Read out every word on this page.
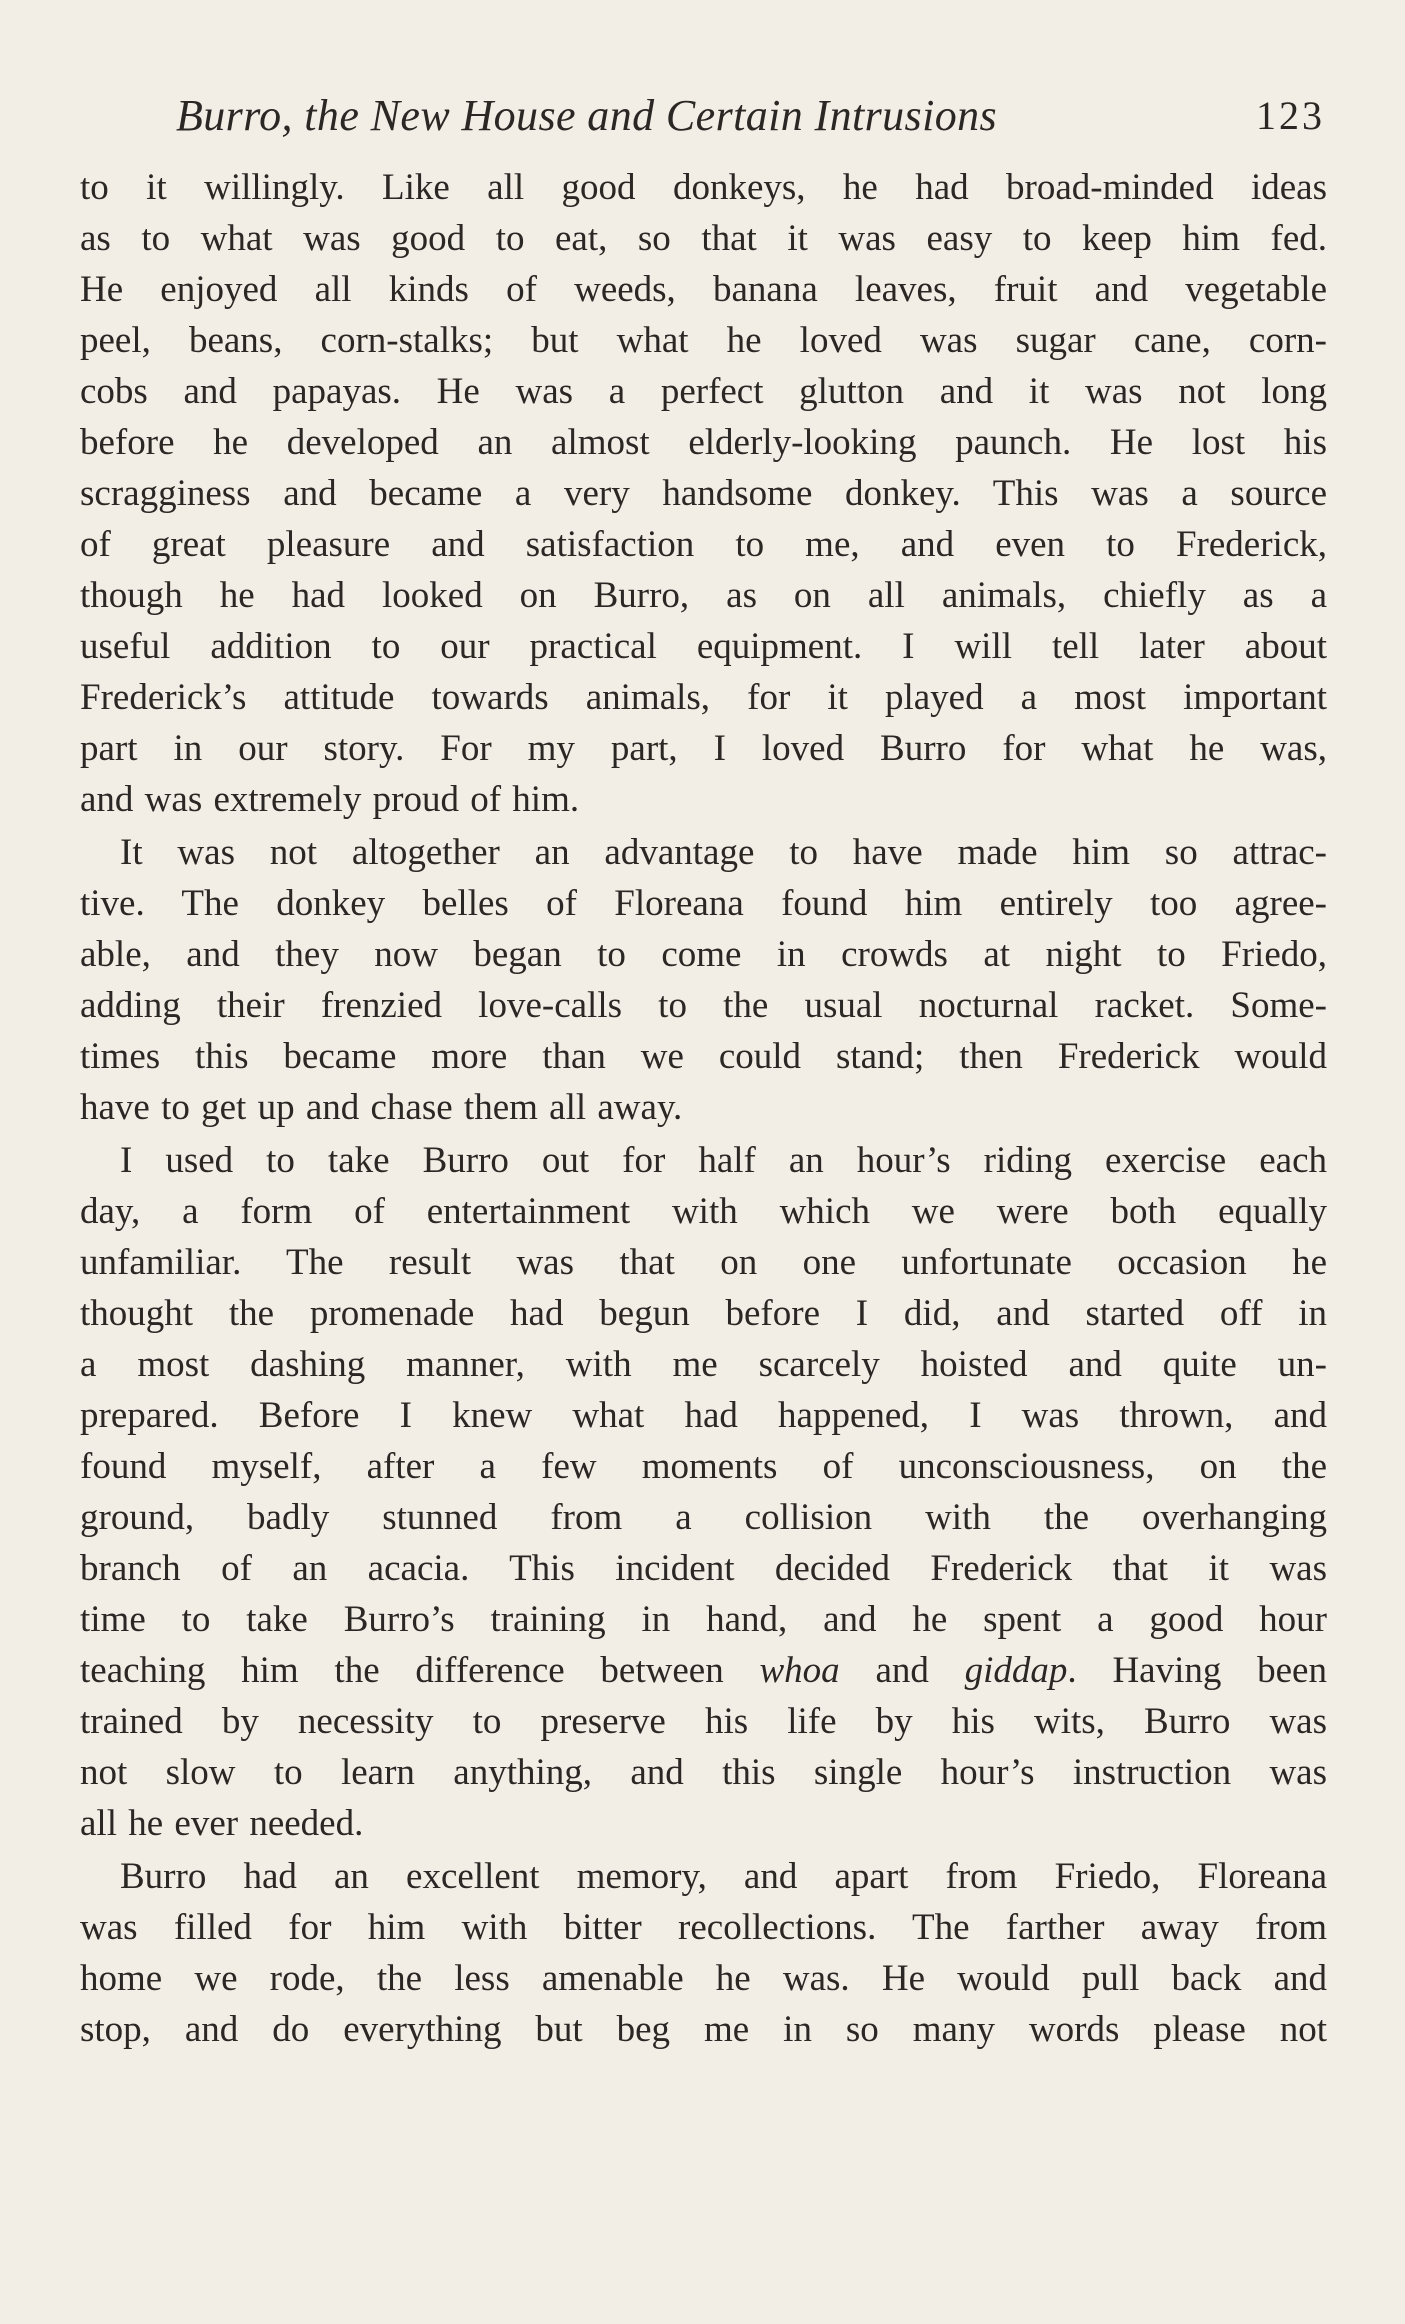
Burro, the New House and Certain Intrusions	123
to it willingly. Like all good donkeys, he had broad-minded ideas
as to what was good to eat, so that it was easy to keep him fed.
He enjoyed all kinds of weeds, banana leaves, fruit and vegetable
peel, beans, corn-stalks; but what he loved was sugar cane, corn-
cobs and papayas. He was a perfect glutton and it was not long
before he developed an almost elderly-looking paunch. He lost his
scragginess and became a very handsome donkey. This was a source
of great pleasure and satisfaction to me, and even to Frederick,
though he had looked on Burro, as on all animals, chiefly as a
useful addition to our practical equipment. I will tell later about
Frederick’s attitude towards animals, for it played a most important
part in our story. For my part, I loved Burro for what he was,
and was extremely proud of him.
It was not altogether an advantage to have made him so attrac-
tive. The donkey belles of Floreana found him entirely too agree-
able, and they now began to come in crowds at night to Friedo,
adding their frenzied love-calls to the usual nocturnal racket. Some-
times this became more than we could stand; then Frederick would
have to get up and chase them all away.
I used to take Burro out for half an hour’s riding exercise each
day, a form of entertainment with which we were both equally
unfamiliar. The result was that on one unfortunate occasion he
thought the promenade had begun before I did, and started off in
a most dashing manner, with me scarcely hoisted and quite un-
prepared. Before I knew what had happened, I was thrown, and
found myself, after a few moments of unconsciousness, on the
ground, badly stunned from a collision with the overhanging
branch of an acacia. This incident decided Frederick that it was
time to take Burro’s training in hand, and he spent a good hour
teaching him the difference between whoa and giddap. Having been
trained by necessity to preserve his life by his wits, Burro was
not slow to learn anything, and this single hour’s instruction was
all he ever needed.
Burro had an excellent memory, and apart from Friedo, Floreana
was filled for him with bitter recollections. The farther away from
home we rode, the less amenable he was. He would pull back and
stop, and do everything but beg me in so many words please not
